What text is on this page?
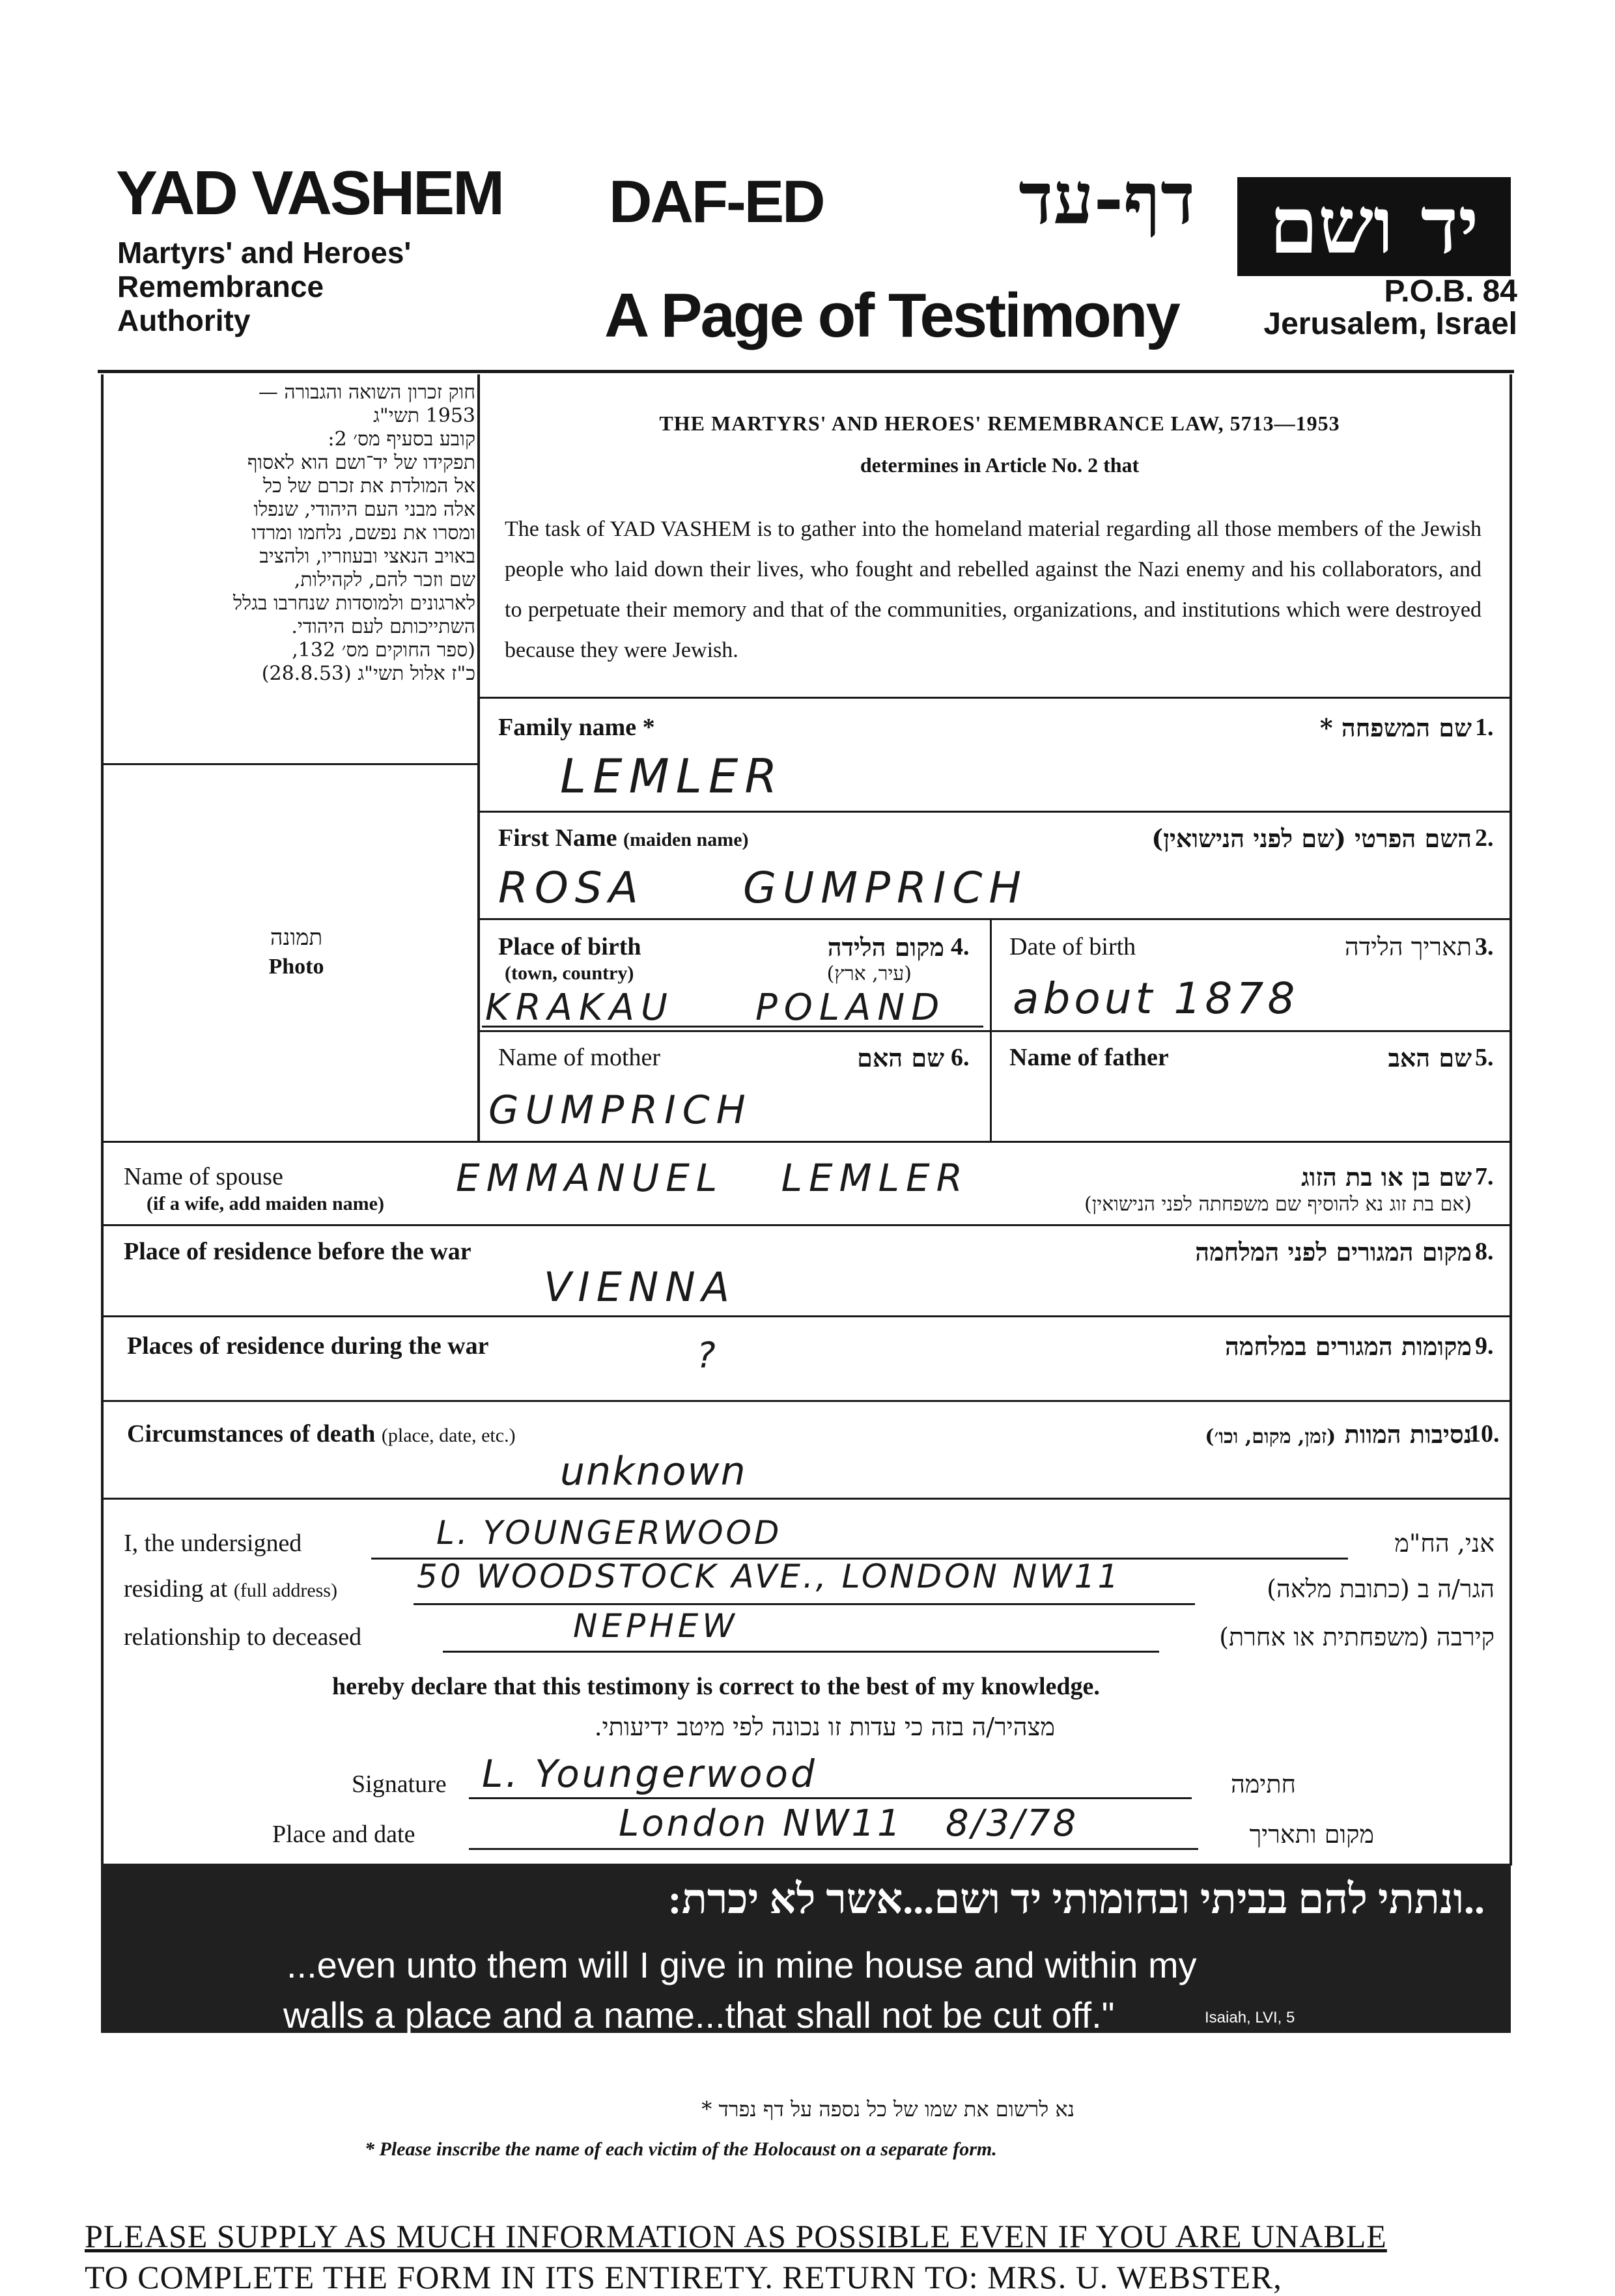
YAD VASHEM
Martyrs' and Heroes'
Remembrance
Authority
DAF-ED	דף-עד
A Page of Testimony
יד ושם
P.O.B. 84
Jerusalem, Israel
חוק זכרון השואה והגבורה —
1953 תשי"ג
קובע בסעיף מס׳ 2:
תפקידו של יד־ושם הוא לאסוף
אל המולדת את זכרם של כל
אלה מבני העם היהודי, שנפלו
ומסרו את נפשם, נלחמו ומרדו
באויב הנאצי ובעוזריו, ולהציב
שם וזכר להם, לקהילות,
לארגונים ולמוסדות שנחרבו בגלל
השתייכותם לעם היהודי.
(ספר החוקים מס׳ 132,
כ"ז אלול תשי"ג (28.8.53)
THE MARTYRS' AND HEROES' REMEMBRANCE LAW, 5713—1953
determines in Article No. 2 that
The task of YAD VASHEM is to gather into the homeland material regarding all those members of the Jewish people who laid down their lives, who fought and rebelled against the Nazi enemy and his collaborators, and to perpetuate their memory and that of the communities, organizations, and institutions which were destroyed because they were Jewish.
תמונה
Photo
Family name *	שם המשפחה * 1.
LEMLER
First Name (maiden name)	השם הפרטי (שם לפני הנישואין) 2.
ROSA GUMPRICH
Place of birth
(town, country)
מקום הלידה
(עיר, ארץ)
4.
KRAKAU POLAND
Date of birth	תאריך הלידה 3.
about 1878
Name of mother	שם האם 6.
GUMPRICH
Name of father	שם האב 5.
Name of spouse
(if a wife, add maiden name)
EMMANUEL LEMLER	שם בן או בת הזוג
(אם בת זוג נא להוסיף שם משפחתה לפני הנישואין)
7.
Place of residence before the war	מקום המגורים לפני המלחמה 8.
VIENNA
Places of residence during the war	מקומות המגורים במלחמה 9.
?
Circumstances of death (place, date, etc.)	נסיבות המוות (זמן, מקום, וכו׳)	10.
unknown
I, the undersigned	L. YOUNGERWOOD	אני, הח"מ
residing at (full address) 50 WOODSTOCK AVE., LONDON NW11	הגר/ה ב (כתובת מלאה)
relationship to deceased	NEPHEW	קירבה (משפחתית או אחרת)
hereby declare that this testimony is correct to the best of my knowledge.
מצהיר/ה בזה כי עדות זו נכונה לפי מיטב ידיעותי.
Signature L. Youngerwood	חתימה
Place and date	London NW11   8/3/78	מקום ותאריך
..ונתתי להם בביתי ובחומותי יד ושם...אשר לא יכרת:
...even unto them will I give in mine house and within my
walls a place and a name...that shall not be cut off."	Isaiah, LVI, 5
נא לרשום את שמו של כל נספה על דף נפרד *
* Please inscribe the name of each victim of the Holocaust on a separate form.
PLEASE SUPPLY AS MUCH INFORMATION AS POSSIBLE EVEN IF YOU ARE UNABLE
TO COMPLETE THE FORM IN ITS ENTIRETY. RETURN TO: MRS. U. WEBSTER,
